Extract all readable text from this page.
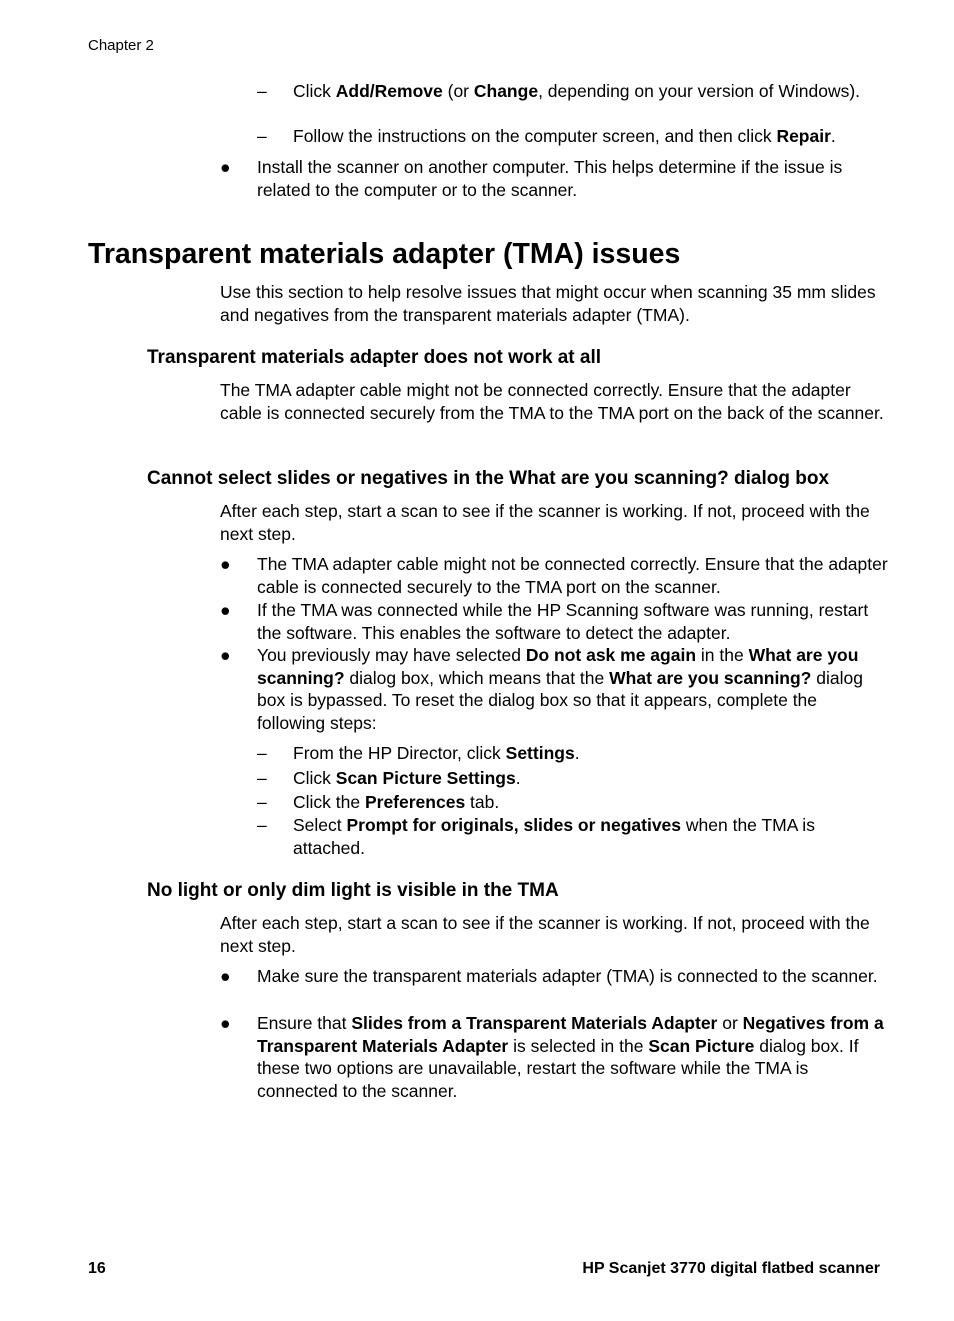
Chapter 2
– Click Add/Remove (or Change, depending on your version of Windows).
– Follow the instructions on the computer screen, and then click Repair.
● Install the scanner on another computer. This helps determine if the issue is related to the computer or to the scanner.
Transparent materials adapter (TMA) issues
Use this section to help resolve issues that might occur when scanning 35 mm slides and negatives from the transparent materials adapter (TMA).
Transparent materials adapter does not work at all
The TMA adapter cable might not be connected correctly. Ensure that the adapter cable is connected securely from the TMA to the TMA port on the back of the scanner.
Cannot select slides or negatives in the What are you scanning? dialog box
After each step, start a scan to see if the scanner is working. If not, proceed with the next step.
● The TMA adapter cable might not be connected correctly. Ensure that the adapter cable is connected securely to the TMA port on the scanner.
● If the TMA was connected while the HP Scanning software was running, restart the software. This enables the software to detect the adapter.
● You previously may have selected Do not ask me again in the What are you scanning? dialog box, which means that the What are you scanning? dialog box is bypassed. To reset the dialog box so that it appears, complete the following steps:
– From the HP Director, click Settings.
– Click Scan Picture Settings.
– Click the Preferences tab.
– Select Prompt for originals, slides or negatives when the TMA is attached.
No light or only dim light is visible in the TMA
After each step, start a scan to see if the scanner is working. If not, proceed with the next step.
● Make sure the transparent materials adapter (TMA) is connected to the scanner.
● Ensure that Slides from a Transparent Materials Adapter or Negatives from a Transparent Materials Adapter is selected in the Scan Picture dialog box. If these two options are unavailable, restart the software while the TMA is connected to the scanner.
16	HP Scanjet 3770 digital flatbed scanner
